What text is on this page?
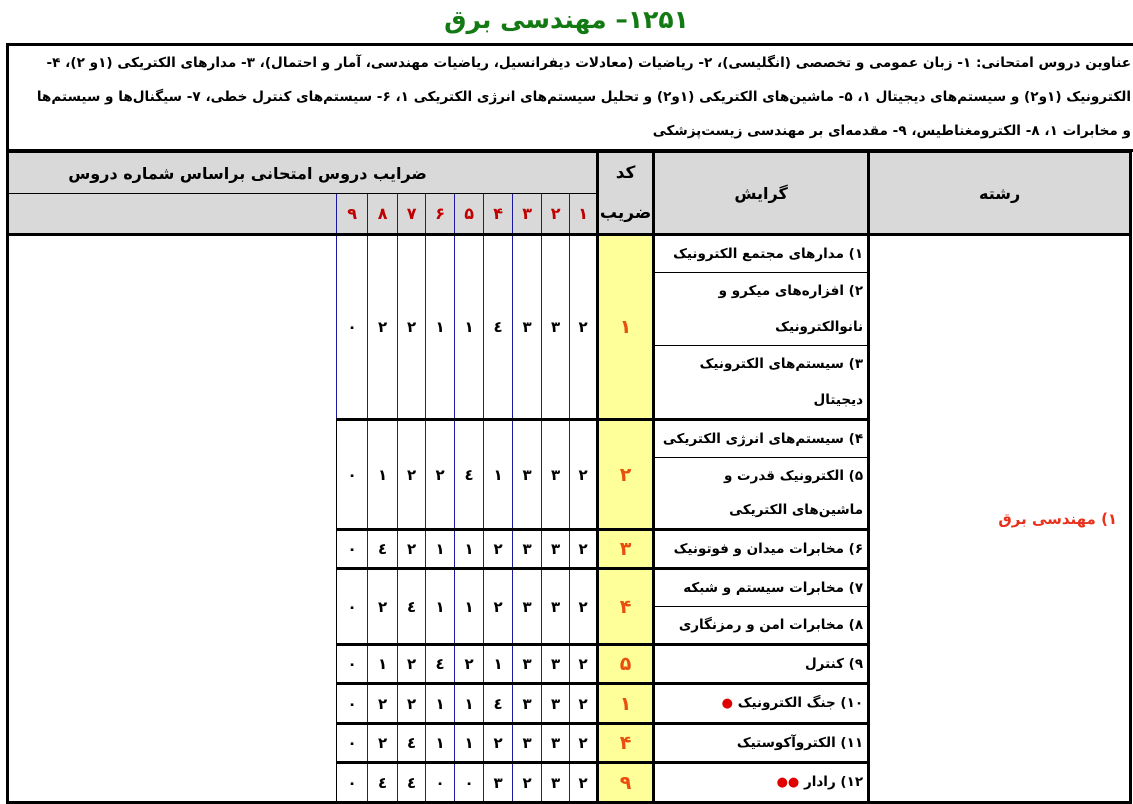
۱۲۵۱– مهندسی برق
عناوین دروس امتحانی: ۱- زبان عمومی و تخصصی (انگلیسی)، ۲- ریاضیات (معادلات دیفرانسیل، ریاضیات مهندسی، آمار و احتمال)، ۳- مدارهای الکتریکی (۱و ۲)، ۴-
الکترونیک (۱و۲) و سیستم‌های دیجیتال ۱، ۵- ماشین‌های الکتریکی (۱و۲) و تحلیل سیستم‌های انرژی الکتریکی ۱، ۶- سیستم‌های کنترل خطی، ۷- سیگنال‌ها و سیستم‌ها
و مخابرات ۱، ۸- الکترومغناطیس، ۹- مقدمه‌ای بر مهندسی زیست‌پزشکی
رشته	گرایش	کد	ضرایب دروس امتحانی براساس شماره دروس									
		ضریب	۱	۲	۳	۴	۵	۶	۷	۸	۹	
۱) مهندسی برق	۱) مدارهای مجتمع الکترونیک	۱	۲	۳	۳	٤	۱	۱	۲	۲	۰	
	۲) افزاره‌های میکرو و نانوالکترونیک											
	۳) سیستم‌های الکترونیک دیجیتال											
	۴) سیستم‌های انرژی الکتریکی	۲	۲	۳	۳	۱	٤	۲	۲	۱	۰	
	۵) الکترونیک قدرت و ماشین‌های الکتریکی											
	۶) مخابرات میدان و فوتونیک	۳	۲	۳	۳	۲	۱	۱	۲	٤	۰	
	۷) مخابرات سیستم و شبکه	۴	۲	۳	۳	۲	۱	۱	٤	۲	۰	
	۸) مخابرات امن و رمزنگاری											
	۹) کنترل	۵	۲	۳	۳	۱	۲	٤	۲	۱	۰	
	۱۰) جنگ الکترونیک ●	۱	۲	۳	۳	٤	۱	۱	۲	۲	۰	
	۱۱) الکتروآکوستیک	۴	۲	۳	۳	۲	۱	۱	٤	۲	۰	
	۱۲) رادار ●●	۹	۲	۳	۲	۳	۰	۰	٤	٤	۰	
